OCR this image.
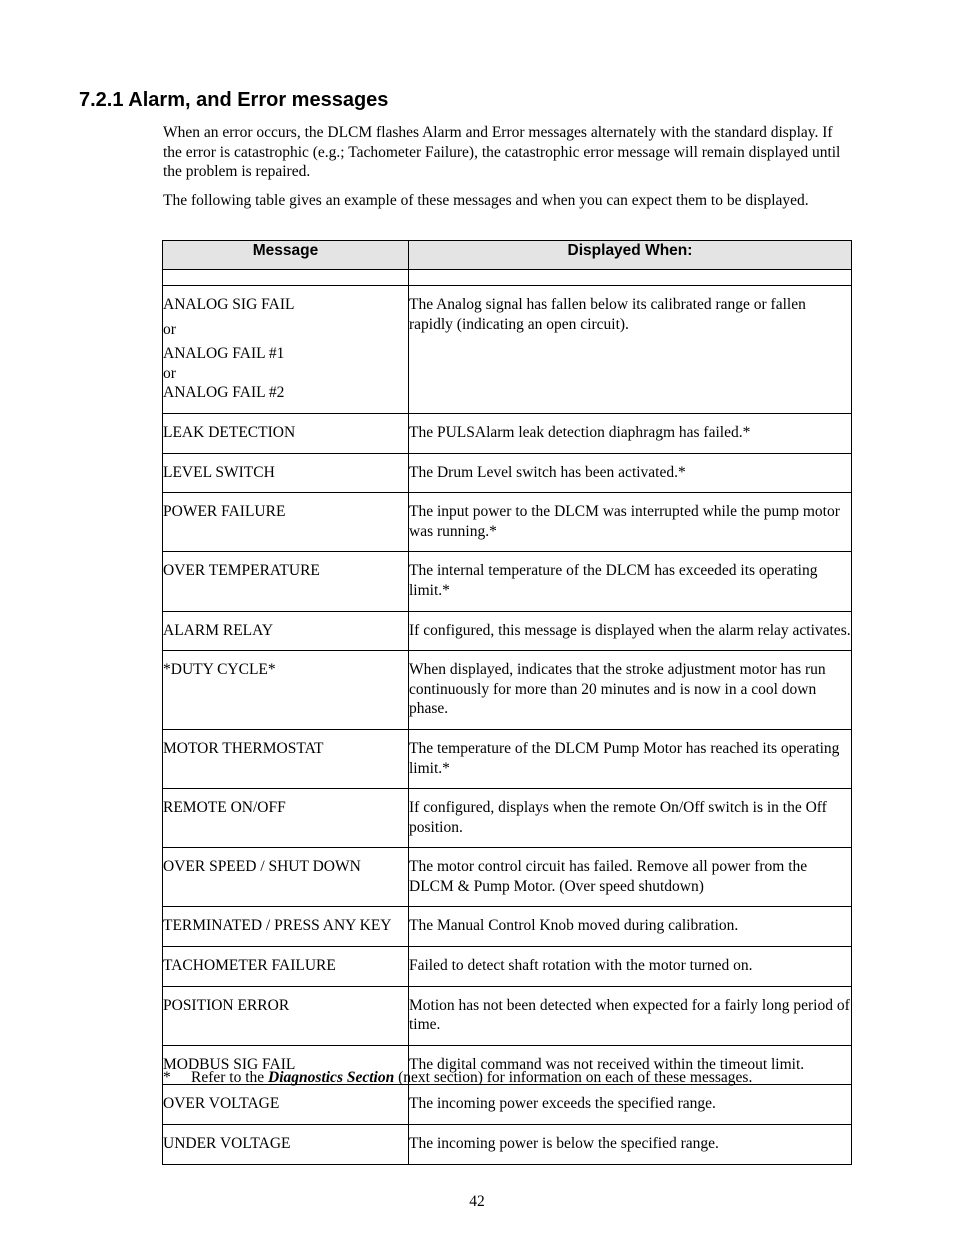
7.2.1 Alarm, and Error messages

When an error occurs, the DLCM flashes Alarm and Error messages alternately with the standard display. If the error is catastrophic (e.g.; Tachometer Failure), the catastrophic error message will remain displayed until the problem is repaired.

The following table gives an example of these messages and when you can expect them to be displayed.

Message	Displayed When:

ANALOG SIG FAIL
or
ANALOG FAIL #1
or
ANALOG FAIL #2	The Analog signal has fallen below its calibrated range or fallen rapidly (indicating an open circuit).

LEAK DETECTION	The PULSAlarm leak detection diaphragm has failed.*

LEVEL SWITCH	The Drum Level switch has been activated.*

POWER FAILURE	The input power to the DLCM was interrupted while the pump motor was running.*

OVER TEMPERATURE	The internal temperature of the DLCM has exceeded its operating limit.*

ALARM RELAY	If configured, this message is displayed when the alarm relay activates.

*DUTY CYCLE*	When displayed, indicates that the stroke adjustment motor has run continuously for more than 20 minutes and is now in a cool down phase.

MOTOR THERMOSTAT	The temperature of the DLCM Pump Motor has reached its operating limit.*

REMOTE ON/OFF	If configured, displays when the remote On/Off switch is in the Off position.

OVER SPEED / SHUT DOWN	The motor control circuit has failed. Remove all power from the DLCM & Pump Motor. (Over speed shutdown)

TERMINATED / PRESS ANY KEY	The Manual Control Knob moved during calibration.

TACHOMETER FAILURE	Failed to detect shaft rotation with the motor turned on.

POSITION ERROR	Motion has not been detected when expected for a fairly long period of time.

MODBUS SIG FAIL	The digital command was not received within the timeout limit.

OVER VOLTAGE	The incoming power exceeds the specified range.

UNDER VOLTAGE	The incoming power is below the specified range.
* Refer to the Diagnostics Section (next section) for information on each of these messages.
42
